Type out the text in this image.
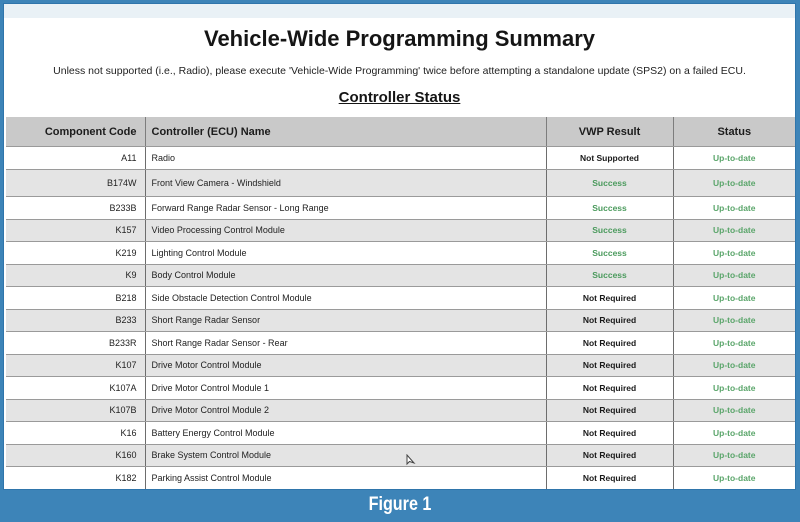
Vehicle-Wide Programming Summary
Unless not supported (i.e., Radio), please execute 'Vehicle-Wide Programming' twice before attempting a standalone update (SPS2) on a failed ECU.
Controller Status
Component Code	Controller (ECU) Name	VWP Result	Status
A11	Radio	Not Supported	Up-to-date
B174W	Front View Camera - Windshield	Success	Up-to-date
B233B	Forward Range Radar Sensor - Long Range	Success	Up-to-date
K157	Video Processing Control Module	Success	Up-to-date
K219	Lighting Control Module	Success	Up-to-date
K9	Body Control Module	Success	Up-to-date
B218	Side Obstacle Detection Control Module	Not Required	Up-to-date
B233	Short Range Radar Sensor	Not Required	Up-to-date
B233R	Short Range Radar Sensor - Rear	Not Required	Up-to-date
K107	Drive Motor Control Module	Not Required	Up-to-date
K107A	Drive Motor Control Module 1	Not Required	Up-to-date
K107B	Drive Motor Control Module 2	Not Required	Up-to-date
K16	Battery Energy Control Module	Not Required	Up-to-date
K160	Brake System Control Module	Not Required	Up-to-date
K182	Parking Assist Control Module	Not Required	Up-to-date
Figure 1
